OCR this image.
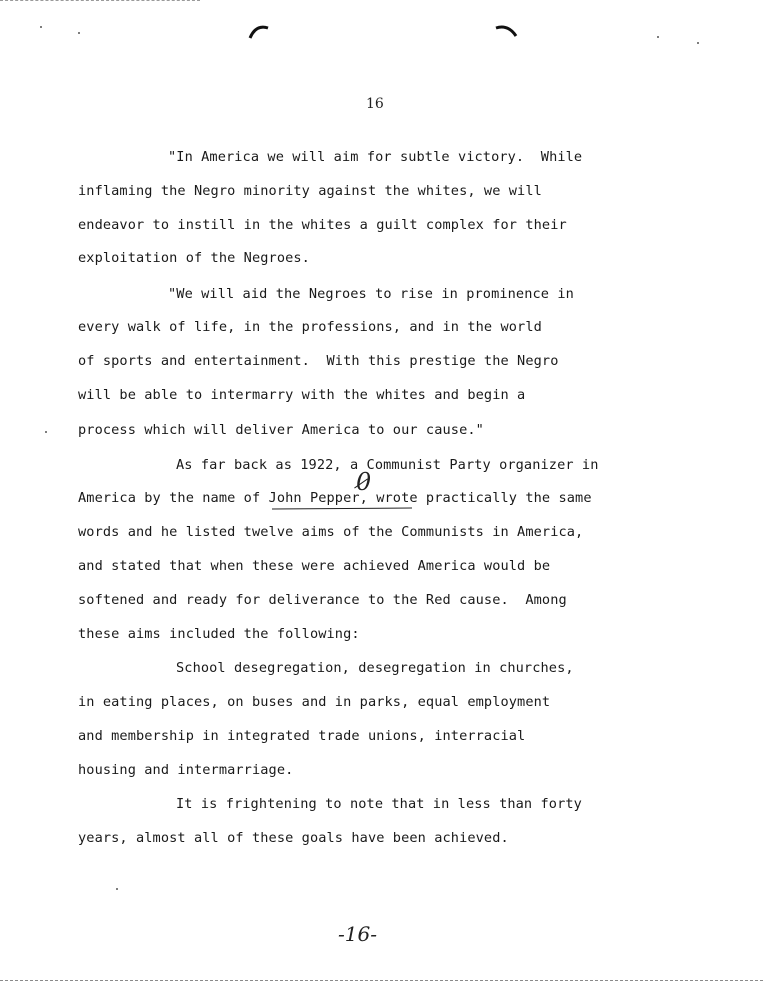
16
"In America we will aim for subtle victory.  While
inflaming the Negro minority against the whites, we will
endeavor to instill in the whites a guilt complex for their
exploitation of the Negroes.
"We will aid the Negroes to rise in prominence in
every walk of life, in the professions, and in the world
of sports and entertainment.  With this prestige the Negro
will be able to intermarry with the whites and begin a
process which will deliver America to our cause."
As far back as 1922, a Communist Party organizer in
America by the name of John Pepper, wrote practically the same
words and he listed twelve aims of the Communists in America,
and stated that when these were achieved America would be
softened and ready for deliverance to the Red cause.  Among
these aims included the following:
0
School desegregation, desegregation in churches,
in eating places, on buses and in parks, equal employment
and membership in integrated trade unions, interracial
housing and intermarriage.
It is frightening to note that in less than forty
years, almost all of these goals have been achieved.
-16-
